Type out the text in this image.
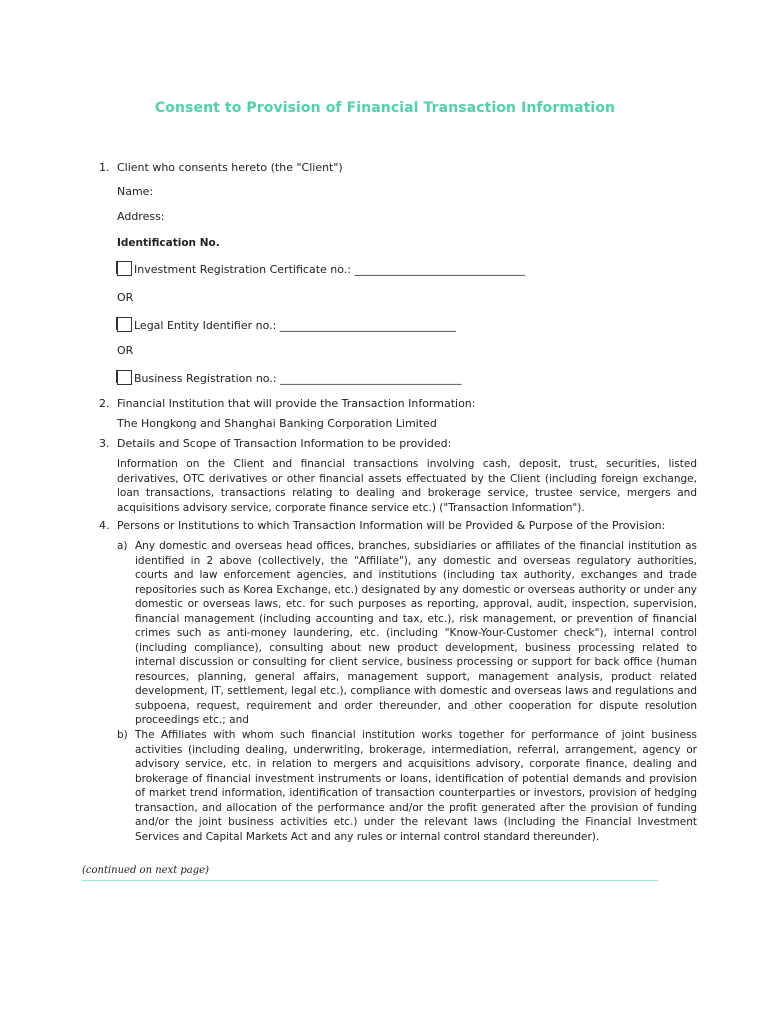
Consent to Provision of Financial Transaction Information
1. Client who consents hereto (the "Client")
Name:
Address:
Identification No.
Investment Registration Certificate no.: _______________________________
OR
Legal Entity Identifier no.: ________________________________
OR
Business Registration no.: _________________________________
2. Financial Institution that will provide the Transaction Information:
The Hongkong and Shanghai Banking Corporation Limited
3. Details and Scope of Transaction Information to be provided:
Information on the Client and financial transactions involving cash, deposit, trust, securities, listed derivatives, OTC derivatives or other financial assets effectuated by the Client (including foreign exchange, loan transactions, transactions relating to dealing and brokerage service, trustee service, mergers and acquisitions advisory service, corporate finance service etc.) ("Transaction Information").
4. Persons or Institutions to which Transaction Information will be Provided & Purpose of the Provision:
a) Any domestic and overseas head offices, branches, subsidiaries or affiliates of the financial institution as identified in 2 above (collectively, the "Affiliate"), any domestic and overseas regulatory authorities, courts and law enforcement agencies, and institutions (including tax authority, exchanges and trade repositories such as Korea Exchange, etc.) designated by any domestic or overseas authority or under any domestic or overseas laws, etc. for such purposes as reporting, approval, audit, inspection, supervision, financial management (including accounting and tax, etc.), risk management, or prevention of financial crimes such as anti-money laundering, etc. (including "Know-Your-Customer check"), internal control (including compliance), consulting about new product development, business processing related to internal discussion or consulting for client service, business processing or support for back office (human resources, planning, general affairs, management support, management analysis, product related development, IT, settlement, legal etc.), compliance with domestic and overseas laws and regulations and subpoena, request, requirement and order thereunder, and other cooperation for dispute resolution proceedings etc.; and
b) The Affiliates with whom such financial institution works together for performance of joint business activities (including dealing, underwriting, brokerage, intermediation, referral, arrangement, agency or advisory service, etc. in relation to mergers and acquisitions advisory, corporate finance, dealing and brokerage of financial investment instruments or loans, identification of potential demands and provision of market trend information, identification of transaction counterparties or investors, provision of hedging transaction, and allocation of the performance and/or the profit generated after the provision of funding and/or the joint business activities etc.) under the relevant laws (including the Financial Investment Services and Capital Markets Act and any rules or internal control standard thereunder).
(continued on next page)
